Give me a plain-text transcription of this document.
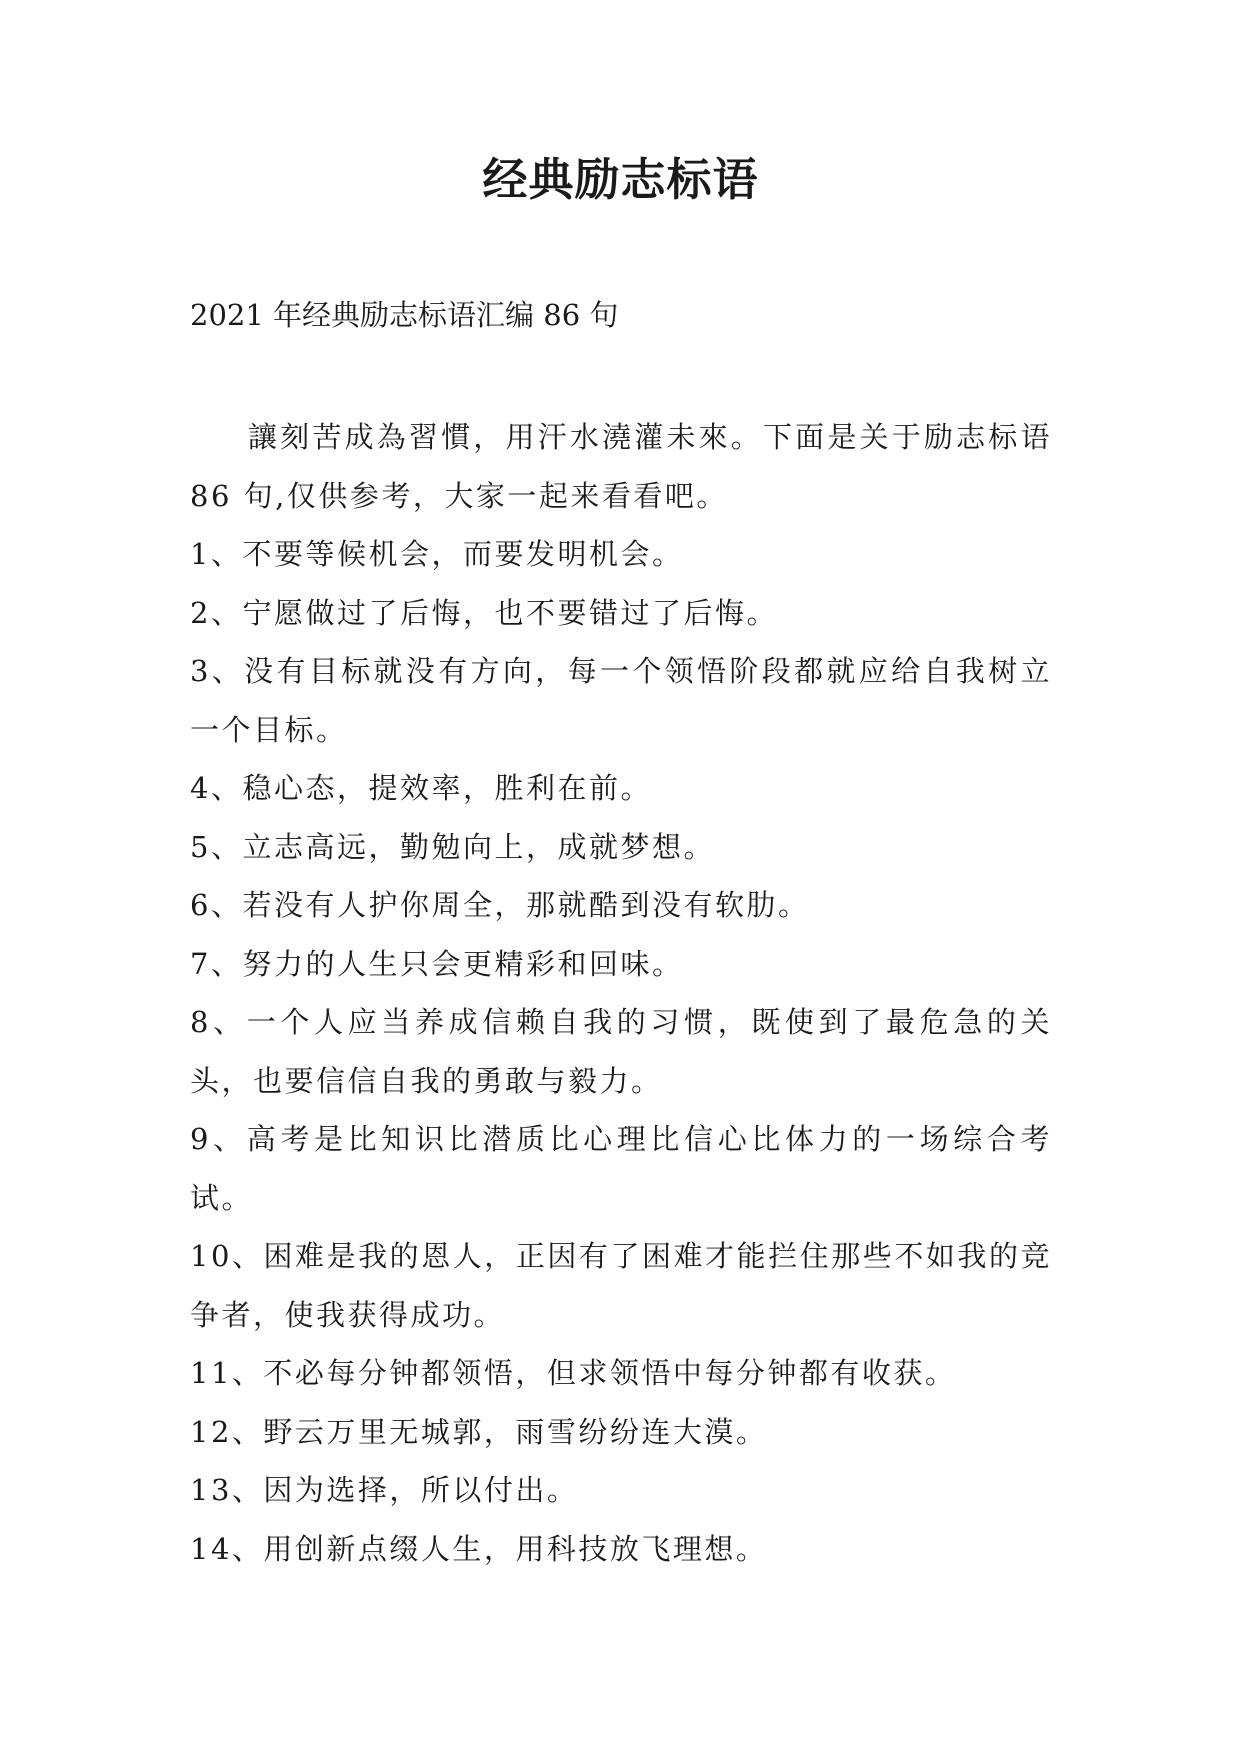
经典励志标语

2021 年经典励志标语汇编 86 句

讓刻苦成為習慣，用汗水澆灌未來。下面是关于励志标语 86 句,仅供参考，大家一起来看看吧。

1、不要等候机会，而要发明机会。

2、宁愿做过了后悔，也不要错过了后悔。

3、没有目标就没有方向，每一个领悟阶段都就应给自我树立一个目标。

4、稳心态，提效率，胜利在前。

5、立志高远，勤勉向上，成就梦想。

6、若没有人护你周全，那就酷到没有软肋。

7、努力的人生只会更精彩和回味。

8、一个人应当养成信赖自我的习惯，既使到了最危急的关头，也要信信自我的勇敢与毅力。

9、高考是比知识比潜质比心理比信心比体力的一场综合考试。

10、困难是我的恩人，正因有了困难才能拦住那些不如我的竞争者，使我获得成功。

11、不必每分钟都领悟，但求领悟中每分钟都有收获。

12、野云万里无城郭，雨雪纷纷连大漠。

13、因为选择，所以付出。

14、用创新点缀人生，用科技放飞理想。
